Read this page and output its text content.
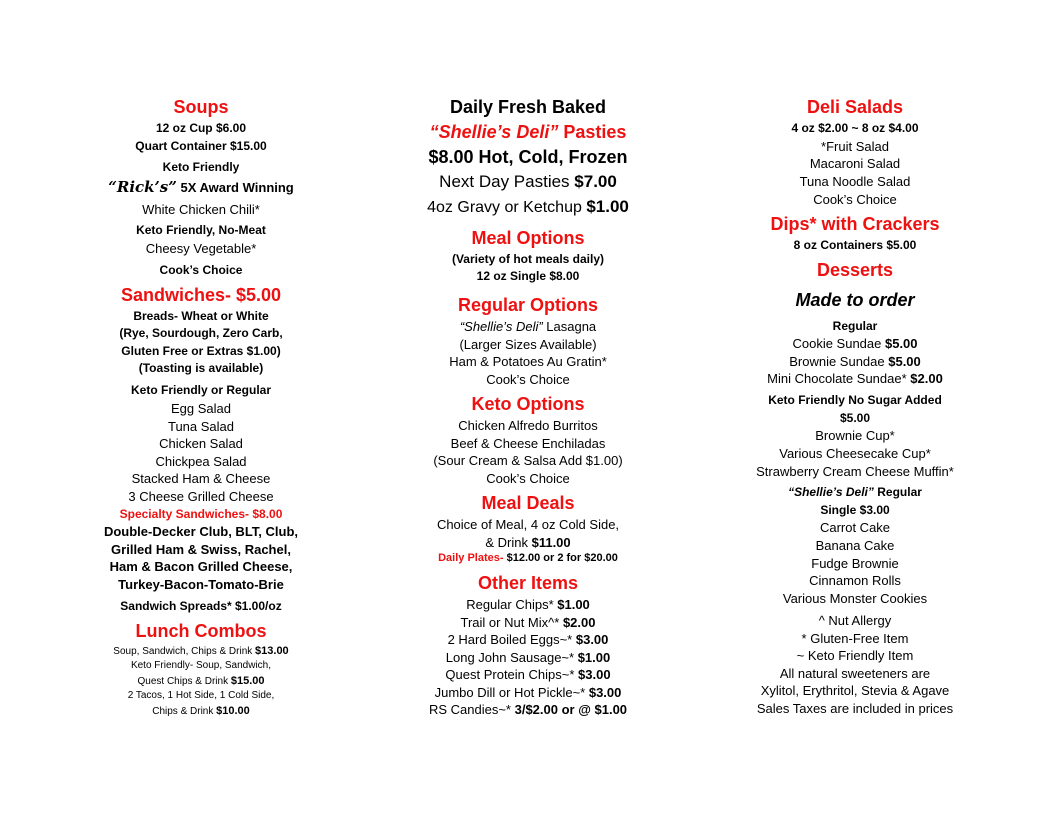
Soups
12 oz Cup $6.00
Quart Container $15.00
Keto Friendly
“Rick’s” 5X Award Winning
White Chicken Chili*
Keto Friendly, No-Meat
Cheesy Vegetable*
Cook’s Choice
Sandwiches- $5.00
Breads- Wheat or White
(Rye, Sourdough, Zero Carb,
Gluten Free or Extras $1.00)
(Toasting is available)
Keto Friendly or Regular
Egg Salad
Tuna Salad
Chicken Salad
Chickpea Salad
Stacked Ham & Cheese
3 Cheese Grilled Cheese
Specialty Sandwiches- $8.00
Double-Decker Club, BLT, Club,
Grilled Ham & Swiss, Rachel,
Ham & Bacon Grilled Cheese,
Turkey-Bacon-Tomato-Brie
Sandwich Spreads* $1.00/oz
Lunch Combos
Soup, Sandwich, Chips & Drink $13.00
Keto Friendly- Soup, Sandwich,
Quest Chips & Drink $15.00
2 Tacos, 1 Hot Side, 1 Cold Side,
Chips & Drink $10.00
Daily Fresh Baked
“Shellie’s Deli” Pasties
$8.00 Hot, Cold, Frozen
Next Day Pasties $7.00
4oz Gravy or Ketchup $1.00
Meal Options
(Variety of hot meals daily)
12 oz Single $8.00
Regular Options
“Shellie’s Deli” Lasagna
(Larger Sizes Available)
Ham & Potatoes Au Gratin*
Cook’s Choice
Keto Options
Chicken Alfredo Burritos
Beef & Cheese Enchiladas
(Sour Cream & Salsa Add $1.00)
Cook’s Choice
Meal Deals
Choice of Meal, 4 oz Cold Side,
& Drink $11.00
Daily Plates- $12.00 or 2 for $20.00
Other Items
Regular Chips* $1.00
Trail or Nut Mix^* $2.00
2 Hard Boiled Eggs~* $3.00
Long John Sausage~* $1.00
Quest Protein Chips~* $3.00
Jumbo Dill or Hot Pickle~* $3.00
RS Candies~* 3/$2.00 or @ $1.00
Deli Salads
4 oz $2.00 ~ 8 oz $4.00
*Fruit Salad
Macaroni Salad
Tuna Noodle Salad
Cook’s Choice
Dips* with Crackers
8 oz Containers $5.00
Desserts
Made to order
Regular
Cookie Sundae $5.00
Brownie Sundae $5.00
Mini Chocolate Sundae* $2.00
Keto Friendly No Sugar Added
$5.00
Brownie Cup*
Various Cheesecake Cup*
Strawberry Cream Cheese Muffin*
“Shellie’s Deli” Regular
Single $3.00
Carrot Cake
Banana Cake
Fudge Brownie
Cinnamon Rolls
Various Monster Cookies
^ Nut Allergy
* Gluten-Free Item
~ Keto Friendly Item
All natural sweeteners are
Xylitol, Erythritol, Stevia & Agave
Sales Taxes are included in prices
